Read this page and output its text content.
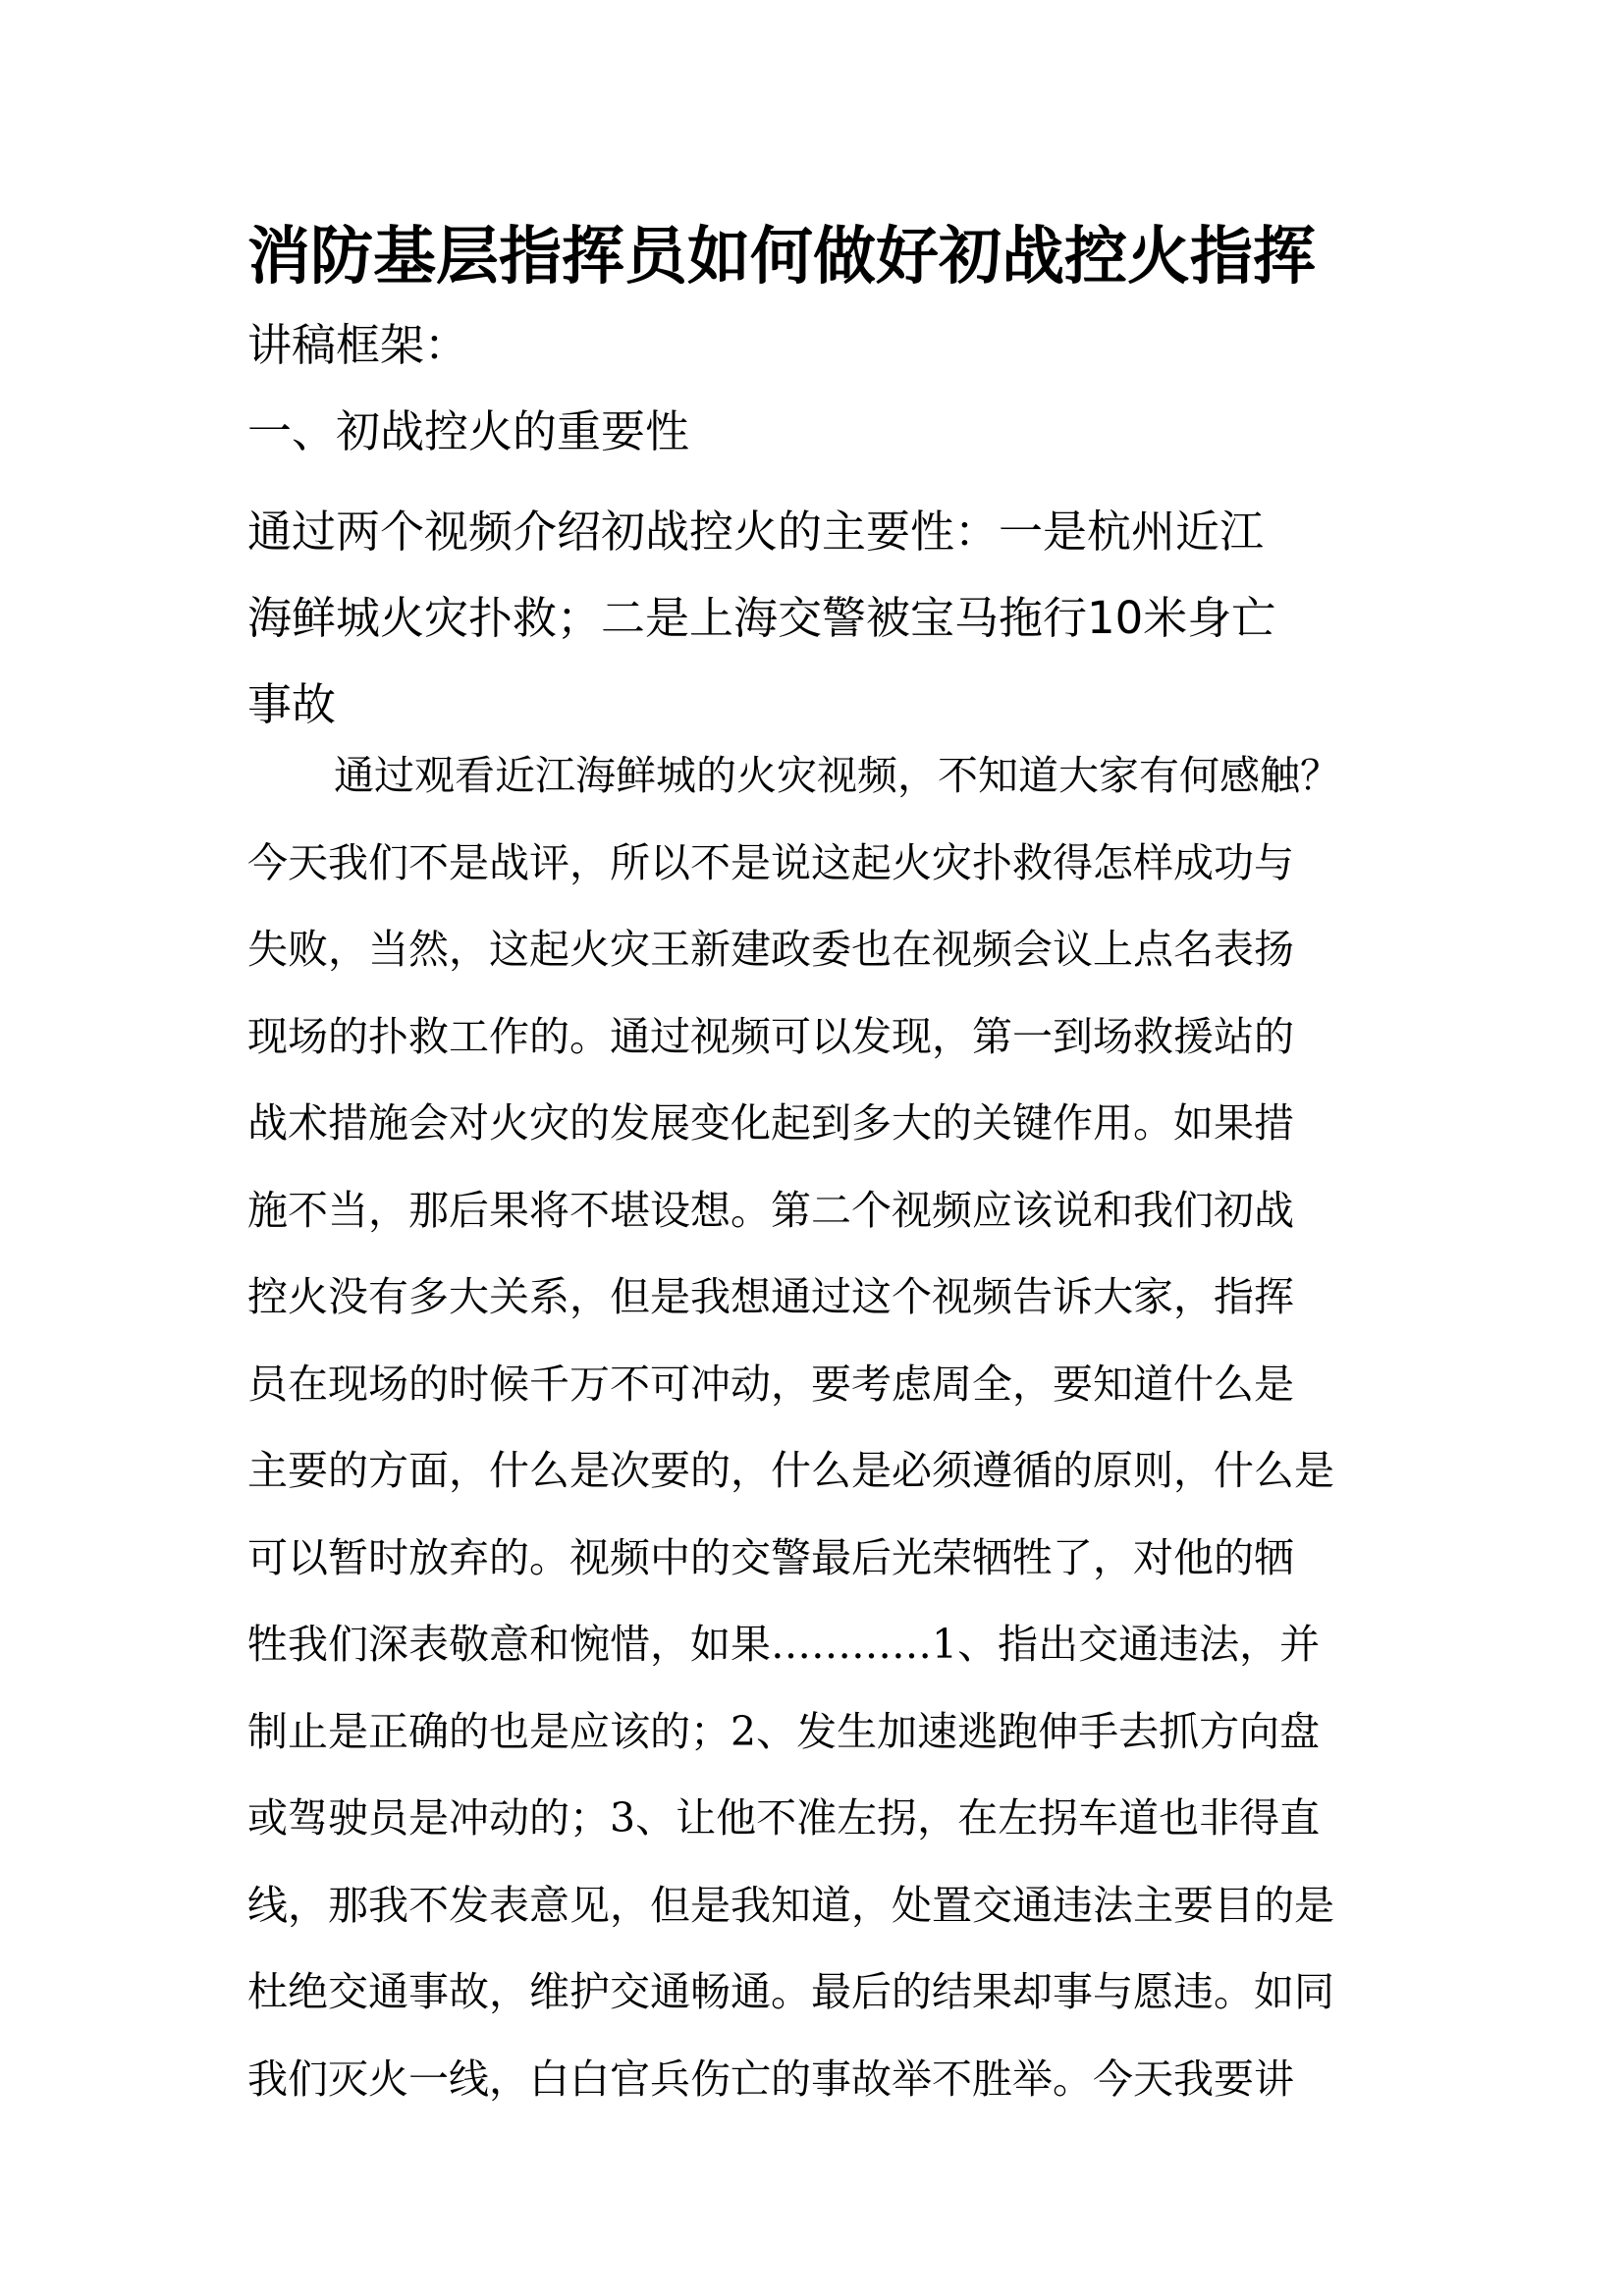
消防基层指挥员如何做好初战控火指挥
讲稿框架：
一、初战控火的重要性
通过两个视频介绍初战控火的主要性：一是杭州近江
海鲜城火灾扑救；二是上海交警被宝马拖行10米身亡
事故
通过观看近江海鲜城的火灾视频，不知道大家有何感触？
今天我们不是战评，所以不是说这起火灾扑救得怎样成功与
失败，当然，这起火灾王新建政委也在视频会议上点名表扬
现场的扑救工作的。通过视频可以发现，第一到场救援站的
战术措施会对火灾的发展变化起到多大的关键作用。如果措
施不当，那后果将不堪设想。第二个视频应该说和我们初战
控火没有多大关系，但是我想通过这个视频告诉大家，指挥
员在现场的时候千万不可冲动，要考虑周全，要知道什么是
主要的方面，什么是次要的，什么是必须遵循的原则，什么是
可以暂时放弃的。视频中的交警最后光荣牺牲了，对他的牺
牲我们深表敬意和惋惜，如果…………1、指出交通违法，并
制止是正确的也是应该的；2、发生加速逃跑伸手去抓方向盘
或驾驶员是冲动的；3、让他不准左拐，在左拐车道也非得直
线，那我不发表意见，但是我知道，处置交通违法主要目的是
杜绝交通事故，维护交通畅通。最后的结果却事与愿违。如同
我们灭火一线，白白官兵伤亡的事故举不胜举。今天我要讲
